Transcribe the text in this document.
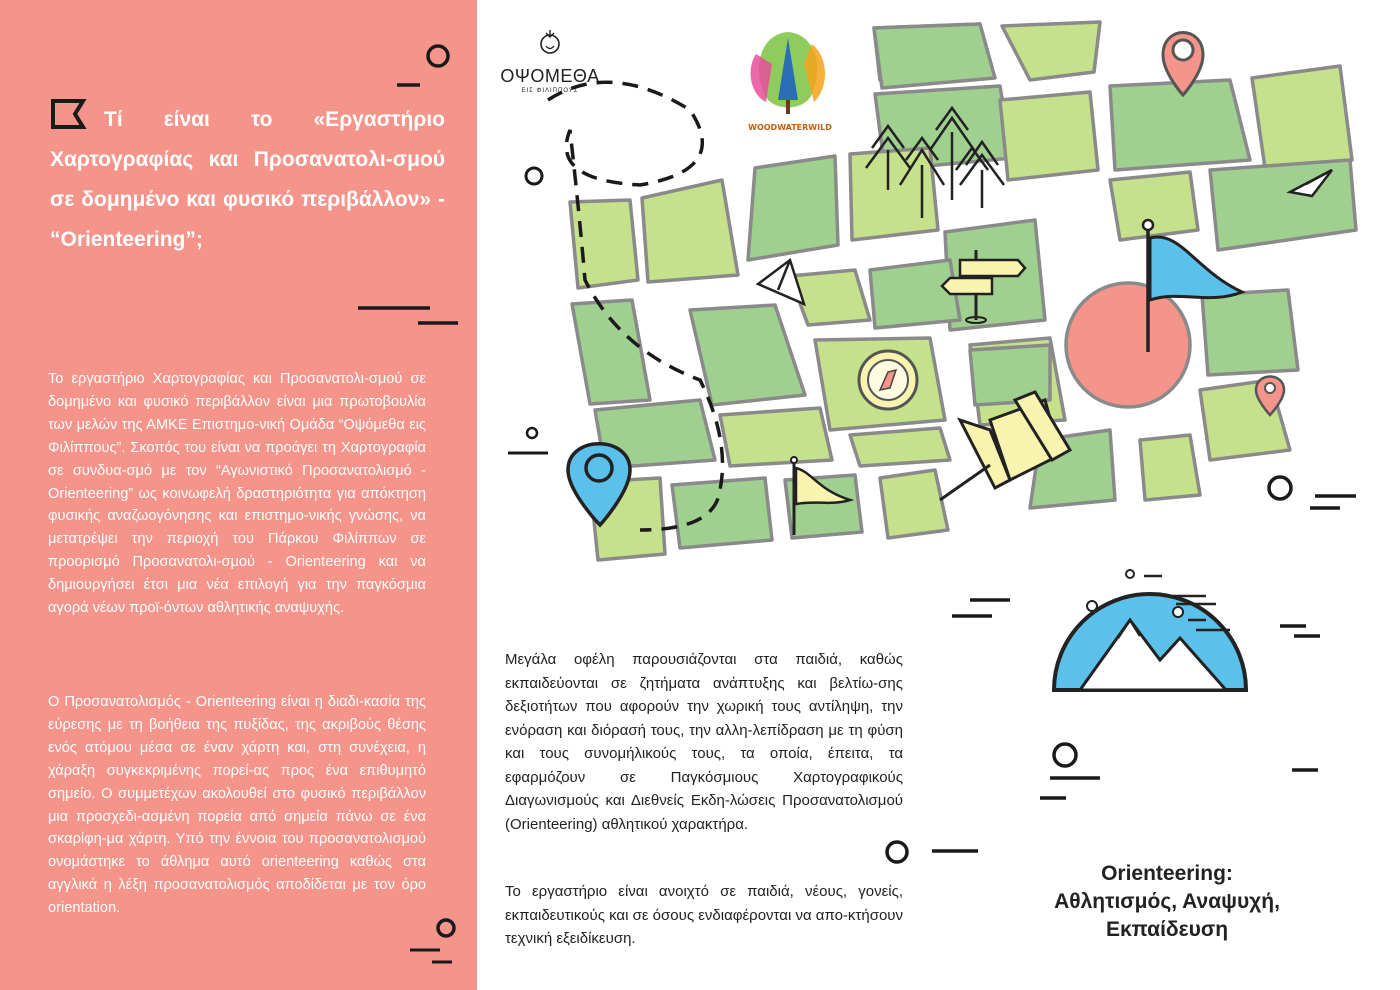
Τί είναι το «Εργαστήριο Χαρτογραφίας και Προσανατολι-σμού σε δομημένο και φυσικό περιβάλλον» - “Orienteering”;

Το εργαστήριο Χαρτογραφίας και Προσανατολι-σμού σε δομημένο και φυσικό περιβάλλον είναι μια πρωτοβουλία των μελών της ΑΜΚΕ Επιστημο-νική Ομάδα “Οψόμεθα εις Φιλίππους”. Σκοπός του είναι να προάγει τη Χαρτογραφία σε συνδυα-σμό με τον “Αγωνιστικό Προσανατολισμό - Orienteering” ως κοινωφελή δραστηριότητα για απόκτηση φυσικής αναζωογόνησης και επιστημο-νικής γνώσης, να μετατρέψει την περιοχή του Πάρκου Φιλίππων σε προορισμό Προσανατολι-σμού - Orienteering και να δημιουργήσει έτσι μια νέα επιλογή για την παγκόσμια αγορά νέων προϊ-όντων αθλητικής αναψυχής.

Ο Προσανατολισμός - Orienteering είναι η διαδι-κασία της εύρεσης με τη βοήθεια της πυξίδας, της ακριβούς θέσης ενός ατόμου μέσα σε έναν χάρτη και, στη συνέχεια, η χάραξη συγκεκριμένης πορεί-ας προς ένα επιθυμητό σημείο. Ο συμμετέχων ακολουθεί στο φυσικό περιβάλλον μια προσχεδι-ασμένη πορεία από σημεία πάνω σε ένα σκαρίφη-μα χάρτη. Υπό την έννοια του προσανατολισμού ονομάστηκε το άθλημα αυτό orienteering καθώς στα αγγλικά η λέξη προσανατολισμός αποδίδεται με τον όρο orientation.

ΟΨΟΜΕΘΑ
ΕΙΣ ΦΙΛΙΠΠΟΥΣ
WOODWATERWILD

Μεγάλα οφέλη παρουσιάζονται στα παιδιά, καθώς εκπαιδεύονται σε ζητήματα ανάπτυξης και βελτίω-σης δεξιοτήτων που αφορούν την χωρική τους αντίληψη, την ενόραση και διόρασή τους, την αλλη-λεπίδραση με τη φύση και τους συνομήλικούς τους, τα οποία, έπειτα, τα εφαρμόζουν σε Παγκόσμιους Χαρτογραφικούς Διαγωνισμούς και Διεθνείς Εκδη-λώσεις Προσανατολισμού (Orienteering) αθλητικού χαρακτήρα.

Το εργαστήριο είναι ανοιχτό σε παιδιά, νέους, γονείς, εκπαιδευτικούς και σε όσους ενδιαφέρονται να απο-κτήσουν τεχνική εξειδίκευση.

Orienteering:
Αθλητισμός, Αναψυχή,
Εκπαίδευση
